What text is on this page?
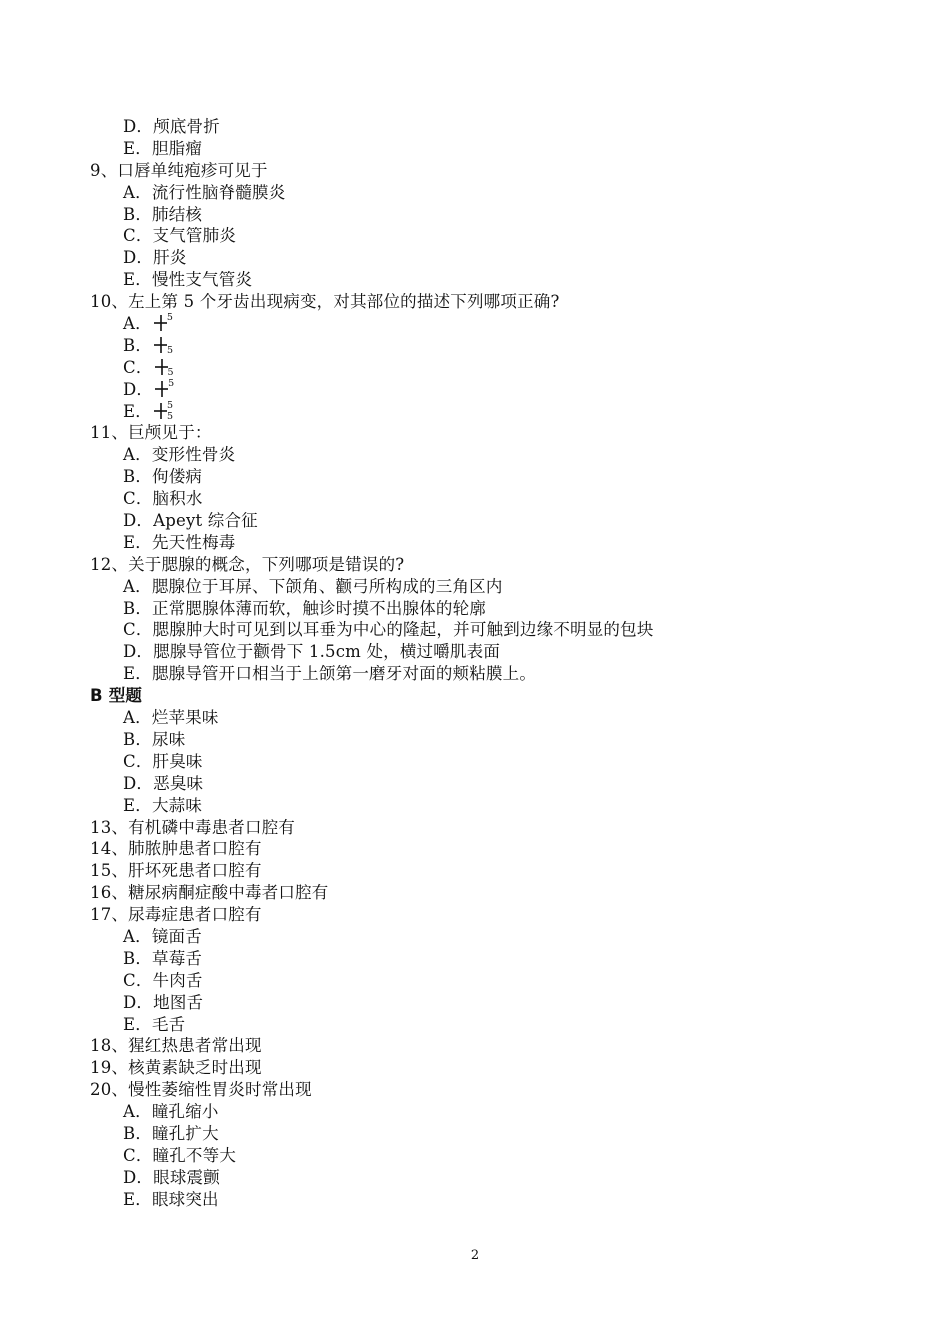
D．颅底骨折
E．胆脂瘤
9、口唇单纯疱疹可见于
A．流行性脑脊髓膜炎
B．肺结核
C．支气管肺炎
D．肝炎
E．慢性支气管炎
10、左上第 5 个牙齿出现病变，对其部位的描述下列哪项正确?
A． 5
B． 5
C． 5
D． 5
E． 5
5
11、巨颅见于：
A．变形性骨炎
B．佝偻病
C．脑积水
D．Apeyt 综合征
E．先天性梅毒
12、关于腮腺的概念，下列哪项是错误的?
A．腮腺位于耳屏、下颌角、颧弓所构成的三角区内
B．正常腮腺体薄而软，触诊时摸不出腺体的轮廓
C．腮腺肿大时可见到以耳垂为中心的隆起，并可触到边缘不明显的包块
D．腮腺导管位于颧骨下 1.5cm 处，横过嚼肌表面
E．腮腺导管开口相当于上颌第一磨牙对面的颊粘膜上。
B 型题
A．烂苹果味
B．尿味
C．肝臭味
D．恶臭味
E．大蒜味
13、有机磷中毒患者口腔有
14、肺脓肿患者口腔有
15、肝坏死患者口腔有
16、糖尿病酮症酸中毒者口腔有
17、尿毒症患者口腔有
A．镜面舌
B．草莓舌
C．牛肉舌
D．地图舌
E．毛舌
18、猩红热患者常出现
19、核黄素缺乏时出现
20、慢性萎缩性胃炎时常出现
A．瞳孔缩小
B．瞳孔扩大
C．瞳孔不等大
D．眼球震颤
E．眼球突出
2
